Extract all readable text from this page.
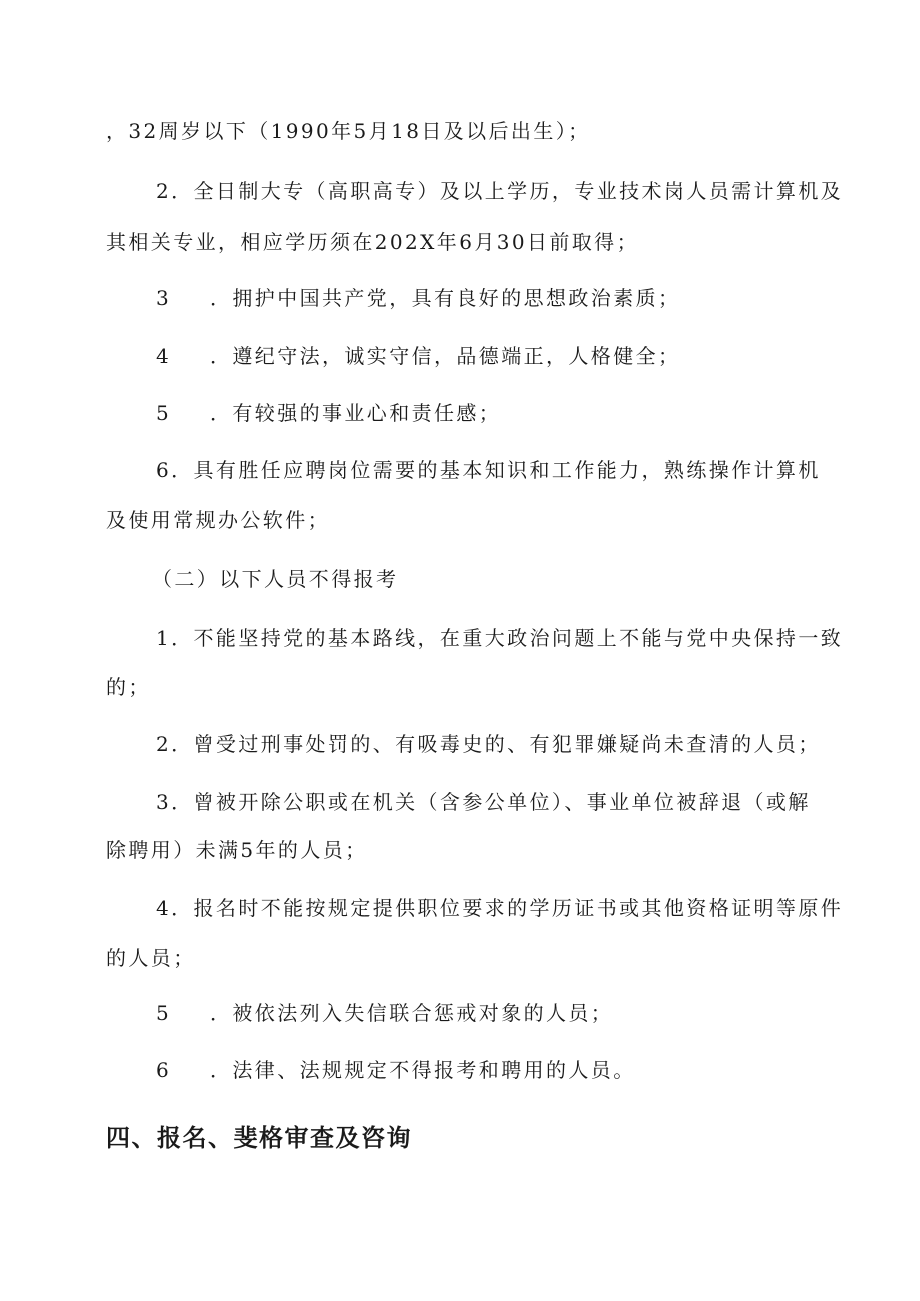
，32周岁以下（1990年5月18日及以后出生）；
2．全日制大专（高职高专）及以上学历，专业技术岗人员需计算机及
其相关专业，相应学历须在202X年6月30日前取得；
3 ．拥护中国共产党，具有良好的思想政治素质；
4 ．遵纪守法，诚实守信，品德端正，人格健全；
5 ．有较强的事业心和责任感；
6．具有胜任应聘岗位需要的基本知识和工作能力，熟练操作计算机
及使用常规办公软件；
（二）以下人员不得报考
1．不能坚持党的基本路线，在重大政治问题上不能与党中央保持一致
的；
2．曾受过刑事处罚的、有吸毒史的、有犯罪嫌疑尚未查清的人员；
3．曾被开除公职或在机关（含参公单位）、事业单位被辞退（或解
除聘用）未满5年的人员；
4．报名时不能按规定提供职位要求的学历证书或其他资格证明等原件
的人员；
5 ．被依法列入失信联合惩戒对象的人员；
6 ．法律、法规规定不得报考和聘用的人员。
四、报名、斐格审查及咨询
